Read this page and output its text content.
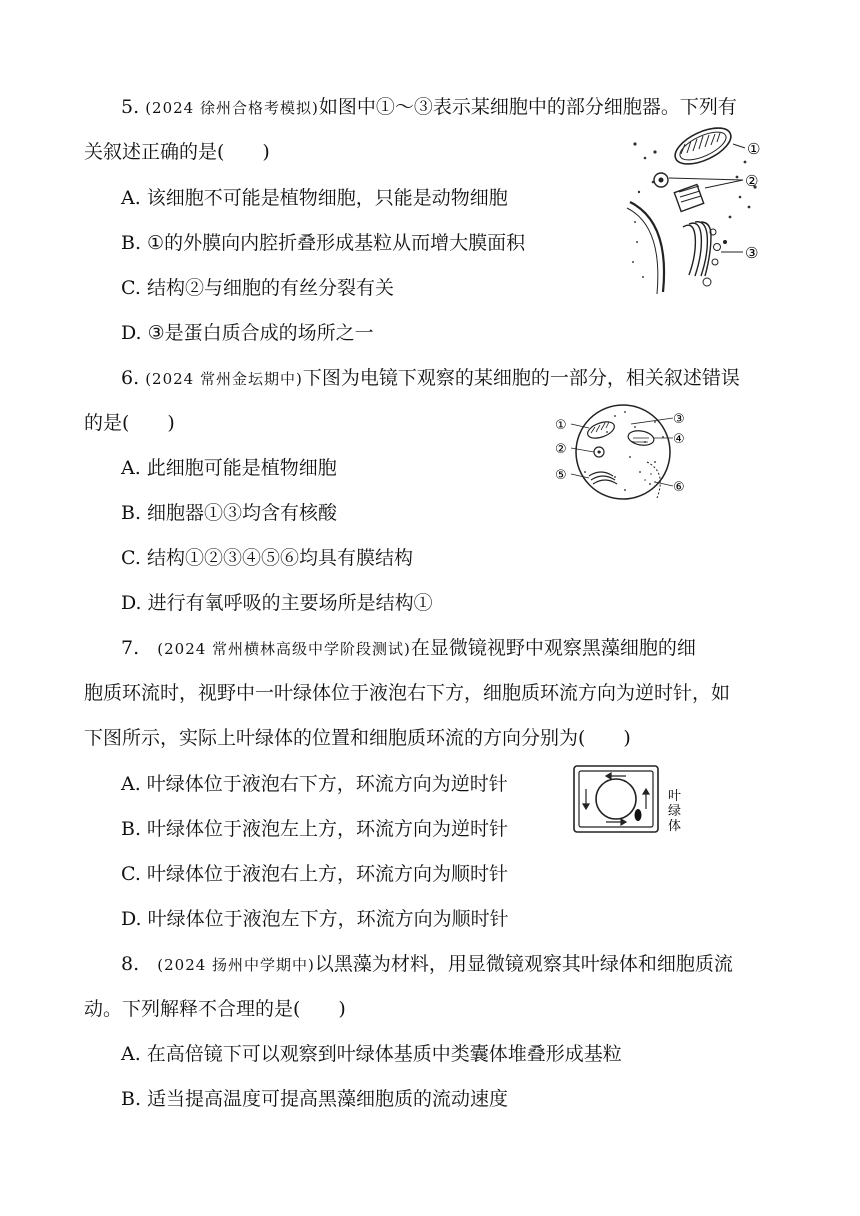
5. (2024 徐州合格考模拟)如图中①～③表示某细胞中的部分细胞器。下列有
关叙述正确的是(　　)
A. 该细胞不可能是植物细胞，只能是动物细胞
B. ①的外膜向内腔折叠形成基粒从而增大膜面积
C. 结构②与细胞的有丝分裂有关
D. ③是蛋白质合成的场所之一
①
②
③
6. (2024 常州金坛期中)下图为电镜下观察的某细胞的一部分，相关叙述错误
的是(　　)
A. 此细胞可能是植物细胞
B. 细胞器①③均含有核酸
C. 结构①②③④⑤⑥均具有膜结构
D. 进行有氧呼吸的主要场所是结构①
①
②
③
④
⑤
⑥
7. (2024 常州横林高级中学阶段测试)在显微镜视野中观察黑藻细胞的细
胞质环流时，视野中一叶绿体位于液泡右下方，细胞质环流方向为逆时针，如
下图所示，实际上叶绿体的位置和细胞质环流的方向分别为(　　)
A. 叶绿体位于液泡右下方，环流方向为逆时针
B. 叶绿体位于液泡左上方，环流方向为逆时针
C. 叶绿体位于液泡右上方，环流方向为顺时针
D. 叶绿体位于液泡左下方，环流方向为顺时针
叶
绿
体
8. (2024 扬州中学期中)以黑藻为材料，用显微镜观察其叶绿体和细胞质流
动。下列解释不合理的是(　　)
A. 在高倍镜下可以观察到叶绿体基质中类囊体堆叠形成基粒
B. 适当提高温度可提高黑藻细胞质的流动速度
